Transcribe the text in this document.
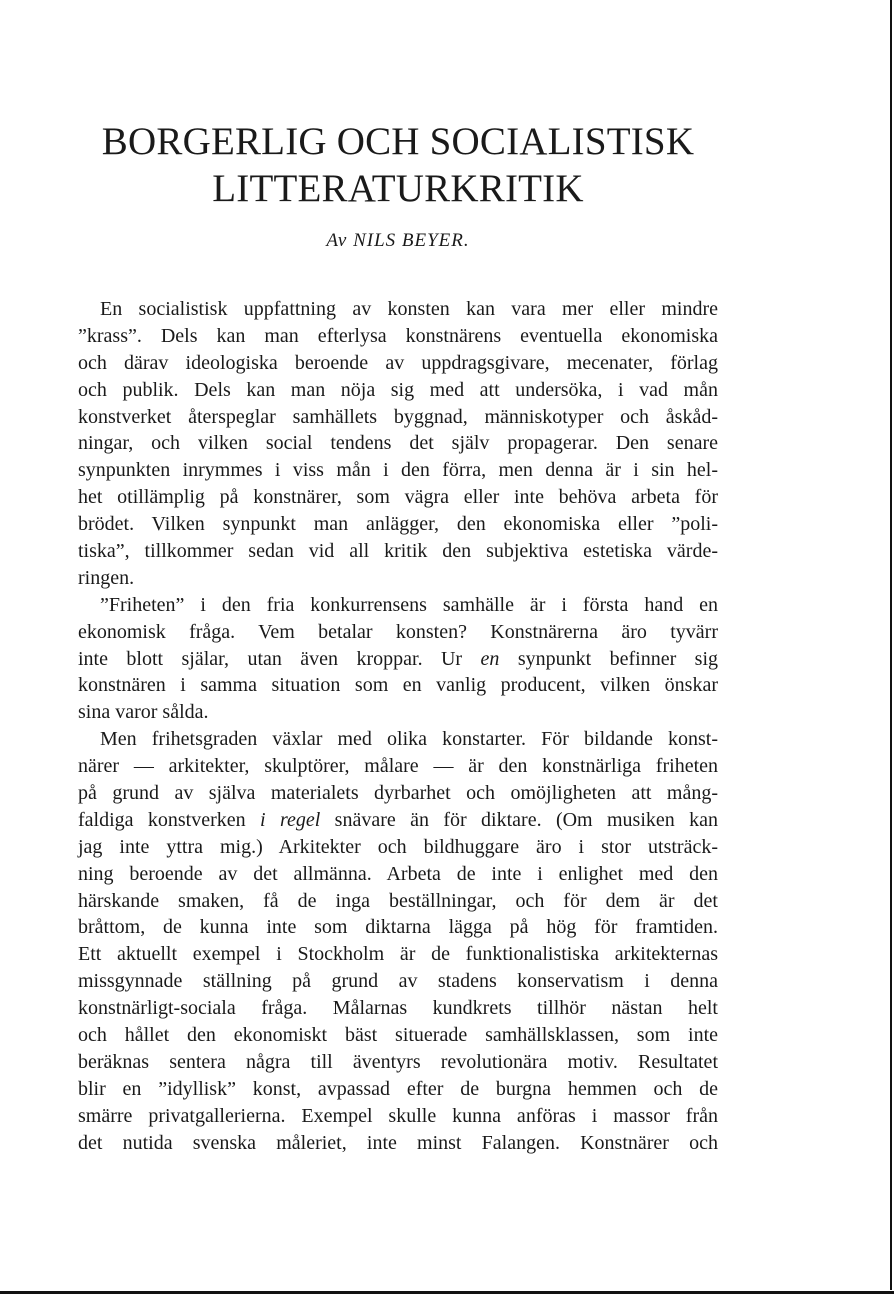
BORGERLIG OCH SOCIALISTISK
LITTERATURKRITIK

Av NILS BEYER.

En socialistisk uppfattning av konsten kan vara mer eller mindre
”krass”. Dels kan man efterlysa konstnärens eventuella ekonomiska
och därav ideologiska beroende av uppdragsgivare, mecenater, förlag
och publik. Dels kan man nöja sig med att undersöka, i vad mån
konstverket återspeglar samhällets byggnad, människotyper och åskåd-
ningar, och vilken social tendens det själv propagerar. Den senare
synpunkten inrymmes i viss mån i den förra, men denna är i sin hel-
het otillämplig på konstnärer, som vägra eller inte behöva arbeta för
brödet. Vilken synpunkt man anlägger, den ekonomiska eller ”poli-
tiska”, tillkommer sedan vid all kritik den subjektiva estetiska värde-
ringen.

”Friheten” i den fria konkurrensens samhälle är i första hand en
ekonomisk fråga. Vem betalar konsten? Konstnärerna äro tyvärr
inte blott själar, utan även kroppar. Ur en synpunkt befinner sig
konstnären i samma situation som en vanlig producent, vilken önskar
sina varor sålda.

Men frihetsgraden växlar med olika konstarter. För bildande konst-
närer — arkitekter, skulptörer, målare — är den konstnärliga friheten
på grund av själva materialets dyrbarhet och omöjligheten att mång-
faldiga konstverken i regel snävare än för diktare. (Om musiken kan
jag inte yttra mig.) Arkitekter och bildhuggare äro i stor utsträck-
ning beroende av det allmänna. Arbeta de inte i enlighet med den
härskande smaken, få de inga beställningar, och för dem är det
bråttom, de kunna inte som diktarna lägga på hög för framtiden.
Ett aktuellt exempel i Stockholm är de funktionalistiska arkitekternas
missgynnade ställning på grund av stadens konservatism i denna
konstnärligt-sociala fråga. Målarnas kundkrets tillhör nästan helt
och hållet den ekonomiskt bäst situerade samhällsklassen, som inte
beräknas sentera några till äventyrs revolutionära motiv. Resultatet
blir en ”idyllisk” konst, avpassad efter de burgna hemmen och de
smärre privatgallerierna. Exempel skulle kunna anföras i massor från
det nutida svenska måleriet, inte minst Falangen. Konstnärer och
